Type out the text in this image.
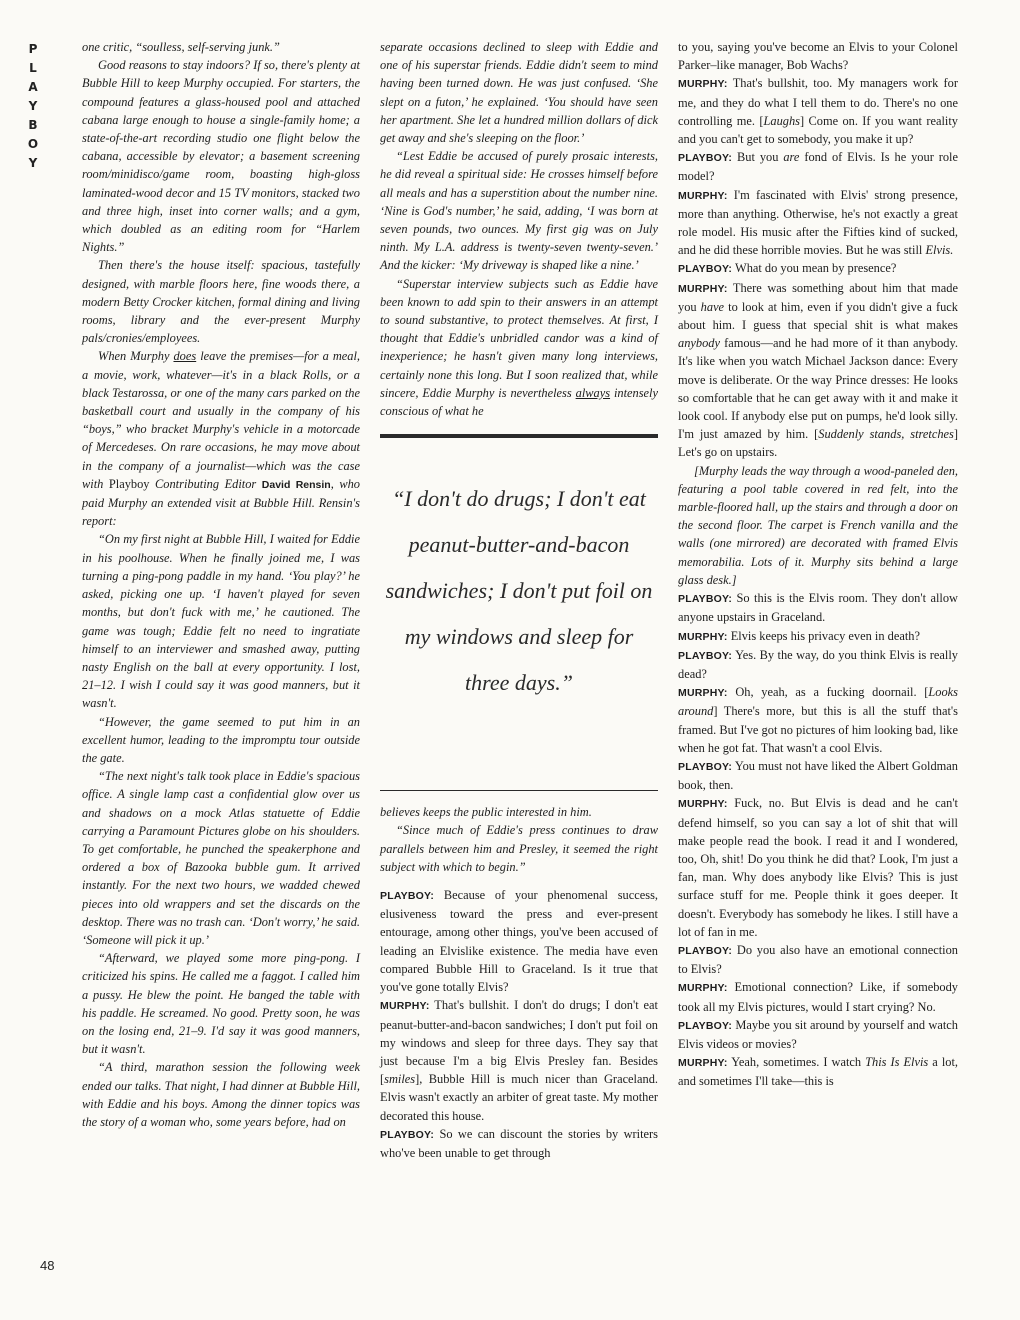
PLAYBOY
48

one critic, “soulless, self-serving junk.”

Good reasons to stay indoors? If so, there's plenty at Bubble Hill to keep Murphy occupied. For starters, the compound features a glass-housed pool and attached cabana large enough to house a single-family home; a state-of-the-art recording studio one flight below the cabana, accessible by elevator; a basement screening room/minidisco/game room, boasting high-gloss laminated-wood decor and 15 TV monitors, stacked two and three high, inset into corner walls; and a gym, which doubled as an editing room for “Harlem Nights.”

Then there's the house itself: spacious, tastefully designed, with marble floors here, fine woods there, a modern Betty Crocker kitchen, formal dining and living rooms, library and the ever-present Murphy pals/cronies/employees.

When Murphy does leave the premises—for a meal, a movie, work, whatever—it's in a black Rolls, or a black Testarossa, or one of the many cars parked on the basketball court and usually in the company of his “boys,” who bracket Murphy's vehicle in a motorcade of Mercedeses. On rare occasions, he may move about in the company of a journalist—which was the case with Playboy Contributing Editor David Rensin, who paid Murphy an extended visit at Bubble Hill. Rensin's report:

“On my first night at Bubble Hill, I waited for Eddie in his poolhouse. When he finally joined me, I was turning a ping-pong paddle in my hand. ‘You play?’ he asked, picking one up. ‘I haven't played for seven months, but don't fuck with me,’ he cautioned. The game was tough; Eddie felt no need to ingratiate himself to an interviewer and smashed away, putting nasty English on the ball at every opportunity. I lost, 21–12. I wish I could say it was good manners, but it wasn't.

“However, the game seemed to put him in an excellent humor, leading to the impromptu tour outside the gate.

“The next night's talk took place in Eddie's spacious office. A single lamp cast a confidential glow over us and shadows on a mock Atlas statuette of Eddie carrying a Paramount Pictures globe on his shoulders. To get comfortable, he punched the speakerphone and ordered a box of Bazooka bubble gum. It arrived instantly. For the next two hours, we wadded chewed pieces into old wrappers and set the discards on the desktop. There was no trash can. ‘Don't worry,’ he said. ‘Someone will pick it up.’

“Afterward, we played some more ping-pong. I criticized his spins. He called me a faggot. I called him a pussy. He blew the point. He banged the table with his paddle. He screamed. No good. Pretty soon, he was on the losing end, 21–9. I'd say it was good manners, but it wasn't.

“A third, marathon session the following week ended our talks. That night, I had dinner at Bubble Hill, with Eddie and his boys. Among the dinner topics was the story of a woman who, some years before, had on

separate occasions declined to sleep with Eddie and one of his superstar friends. Eddie didn't seem to mind having been turned down. He was just confused. ‘She slept on a futon,’ he explained. ‘You should have seen her apartment. She let a hundred million dollars of dick get away and she's sleeping on the floor.’

“Lest Eddie be accused of purely prosaic interests, he did reveal a spiritual side: He crosses himself before all meals and has a superstition about the number nine. ‘Nine is God's number,’ he said, adding, ‘I was born at seven pounds, two ounces. My first gig was on July ninth. My L.A. address is twenty-seven twenty-seven.’ And the kicker: ‘My driveway is shaped like a nine.’

“Superstar interview subjects such as Eddie have been known to add spin to their answers in an attempt to sound substantive, to protect themselves. At first, I thought that Eddie's unbridled candor was a kind of inexperience; he hasn't given many long interviews, certainly none this long. But I soon realized that, while sincere, Eddie Murphy is nevertheless always intensely conscious of what he

“I don't do drugs; I don't eat peanut-butter-and-bacon sandwiches; I don't put foil on my windows and sleep for three days.”

believes keeps the public interested in him.

“Since much of Eddie's press continues to draw parallels between him and Presley, it seemed the right subject with which to begin.”

PLAYBOY: Because of your phenomenal success, elusiveness toward the press and ever-present entourage, among other things, you've been accused of leading an Elvislike existence. The media have even compared Bubble Hill to Graceland. Is it true that you've gone totally Elvis?

MURPHY: That's bullshit. I don't do drugs; I don't eat peanut-butter-and-bacon sandwiches; I don't put foil on my windows and sleep for three days. They say that just because I'm a big Elvis Presley fan. Besides [smiles], Bubble Hill is much nicer than Graceland. Elvis wasn't exactly an arbiter of great taste. My mother decorated this house.

PLAYBOY: So we can discount the stories by writers who've been unable to get through

to you, saying you've become an Elvis to your Colonel Parker–like manager, Bob Wachs?

MURPHY: That's bullshit, too. My managers work for me, and they do what I tell them to do. There's no one controlling me. [Laughs] Come on. If you want reality and you can't get to somebody, you make it up?

PLAYBOY: But you are fond of Elvis. Is he your role model?

MURPHY: I'm fascinated with Elvis' strong presence, more than anything. Otherwise, he's not exactly a great role model. His music after the Fifties kind of sucked, and he did these horrible movies. But he was still Elvis.

PLAYBOY: What do you mean by presence?

MURPHY: There was something about him that made you have to look at him, even if you didn't give a fuck about him. I guess that special shit is what makes anybody famous—and he had more of it than anybody. It's like when you watch Michael Jackson dance: Every move is deliberate. Or the way Prince dresses: He looks so comfortable that he can get away with it and make it look cool. If anybody else put on pumps, he'd look silly. I'm just amazed by him. [Suddenly stands, stretches] Let's go on upstairs.

[Murphy leads the way through a wood-paneled den, featuring a pool table covered in red felt, into the marble-floored hall, up the stairs and through a door on the second floor. The carpet is French vanilla and the walls (one mirrored) are decorated with framed Elvis memorabilia. Lots of it. Murphy sits behind a large glass desk.]

PLAYBOY: So this is the Elvis room. They don't allow anyone upstairs in Graceland.

MURPHY: Elvis keeps his privacy even in death?

PLAYBOY: Yes. By the way, do you think Elvis is really dead?

MURPHY: Oh, yeah, as a fucking doornail. [Looks around] There's more, but this is all the stuff that's framed. But I've got no pictures of him looking bad, like when he got fat. That wasn't a cool Elvis.

PLAYBOY: You must not have liked the Albert Goldman book, then.

MURPHY: Fuck, no. But Elvis is dead and he can't defend himself, so you can say a lot of shit that will make people read the book. I read it and I wondered, too, Oh, shit! Do you think he did that? Look, I'm just a fan, man. Why does anybody like Elvis? This is just surface stuff for me. People think it goes deeper. It doesn't. Everybody has somebody he likes. I still have a lot of fan in me.

PLAYBOY: Do you also have an emotional connection to Elvis?

MURPHY: Emotional connection? Like, if somebody took all my Elvis pictures, would I start crying? No.

PLAYBOY: Maybe you sit around by yourself and watch Elvis videos or movies?

MURPHY: Yeah, sometimes. I watch This Is Elvis a lot, and sometimes I'll take—this is
